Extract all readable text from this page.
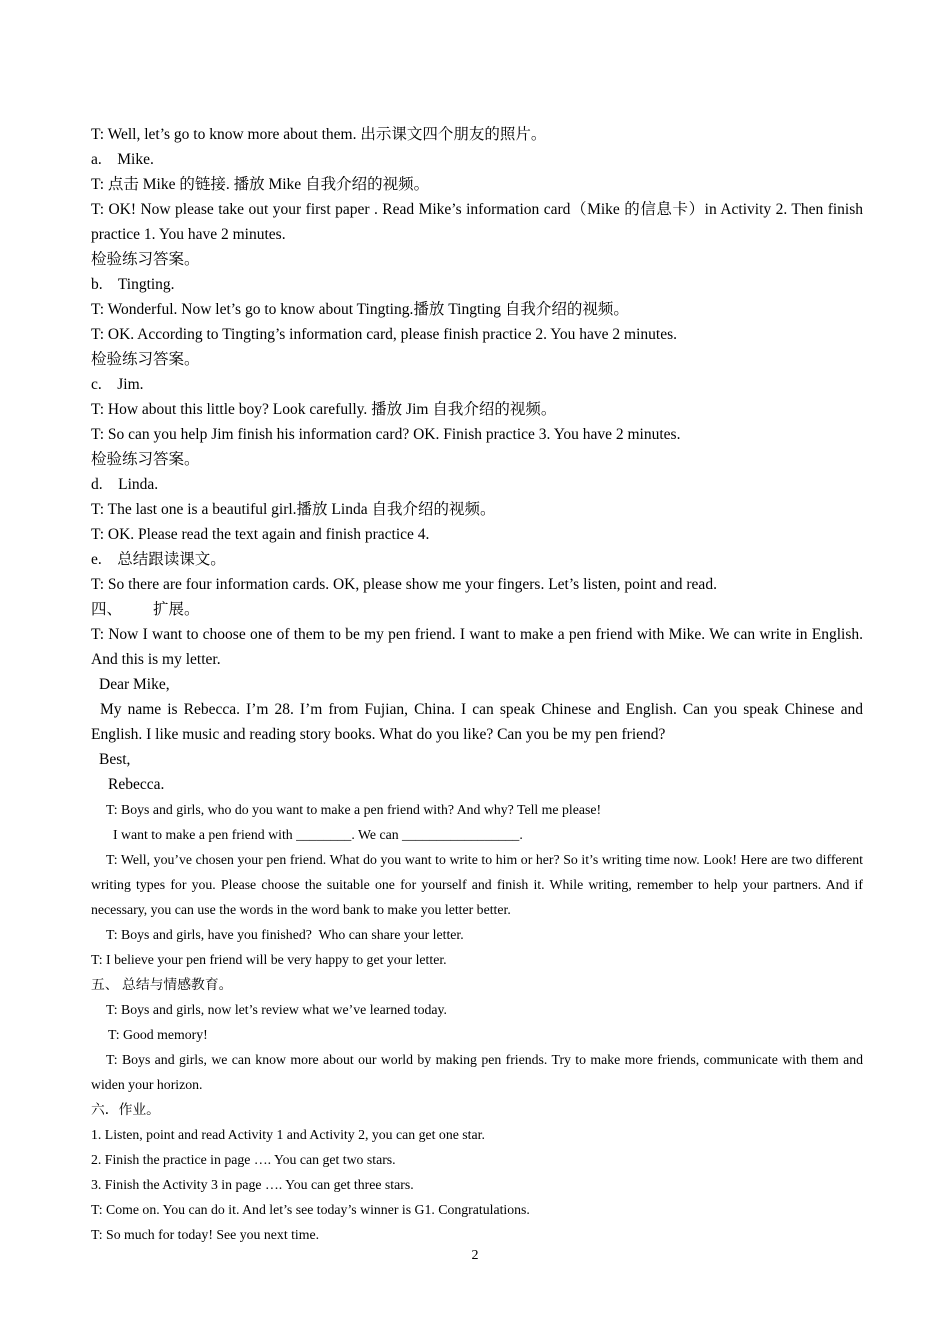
T: Well, let’s go to know more about them. 出示课文四个朋友的照片。

a.    Mike.

T: 点击 Mike 的链接. 播放 Mike 自我介绍的视频。

T: OK! Now please take out your first paper . Read Mike’s information card（Mike 的信息卡）in Activity 2. Then finish practice 1. You have 2 minutes.

检验练习答案。

b.    Tingting.

T: Wonderful. Now let’s go to know about Tingting.播放 Tingting 自我介绍的视频。

T: OK. According to Tingting’s information card, please finish practice 2. You have 2 minutes.

检验练习答案。

c.    Jim.

T: How about this little boy? Look carefully. 播放 Jim 自我介绍的视频。

T: So can you help Jim finish his information card? OK. Finish practice 3. You have 2 minutes.

检验练习答案。

d.    Linda.

T: The last one is a beautiful girl.播放 Linda 自我介绍的视频。

T: OK. Please read the text again and finish practice 4.

e.    总结跟读课文。

T: So there are four information cards. OK, please show me your fingers. Let’s listen, point and read.

四、        扩展。

T: Now I want to choose one of them to be my pen friend. I want to make a pen friend with Mike. We can write in English. And this is my letter.

Dear Mike,

My name is Rebecca. I’m 28. I’m from Fujian, China. I can speak Chinese and English. Can you speak Chinese and English. I like music and reading story books. What do you like? Can you be my pen friend?

Best,

Rebecca.

T: Boys and girls, who do you want to make a pen friend with? And why? Tell me please!

I want to make a pen friend with ________. We can _________________.

T: Well, you’ve chosen your pen friend. What do you want to write to him or her? So it’s writing time now. Look! Here are two different writing types for you. Please choose the suitable one for yourself and finish it. While writing, remember to help your partners. And if necessary, you can use the words in the word bank to make you letter better.

T: Boys and girls, have you finished?  Who can share your letter.

T: I believe your pen friend will be very happy to get your letter.

五、 总结与情感教育。

T: Boys and girls, now let’s review what we’ve learned today.

T: Good memory!

T: Boys and girls, we can know more about our world by making pen friends. Try to make more friends, communicate with them and widen your horizon.

六．作业。

1. Listen, point and read Activity 1 and Activity 2, you can get one star.

2. Finish the practice in page …. You can get two stars.

3. Finish the Activity 3 in page …. You can get three stars.

T: Come on. You can do it. And let’s see today’s winner is G1. Congratulations.

T: So much for today! See you next time.

2
